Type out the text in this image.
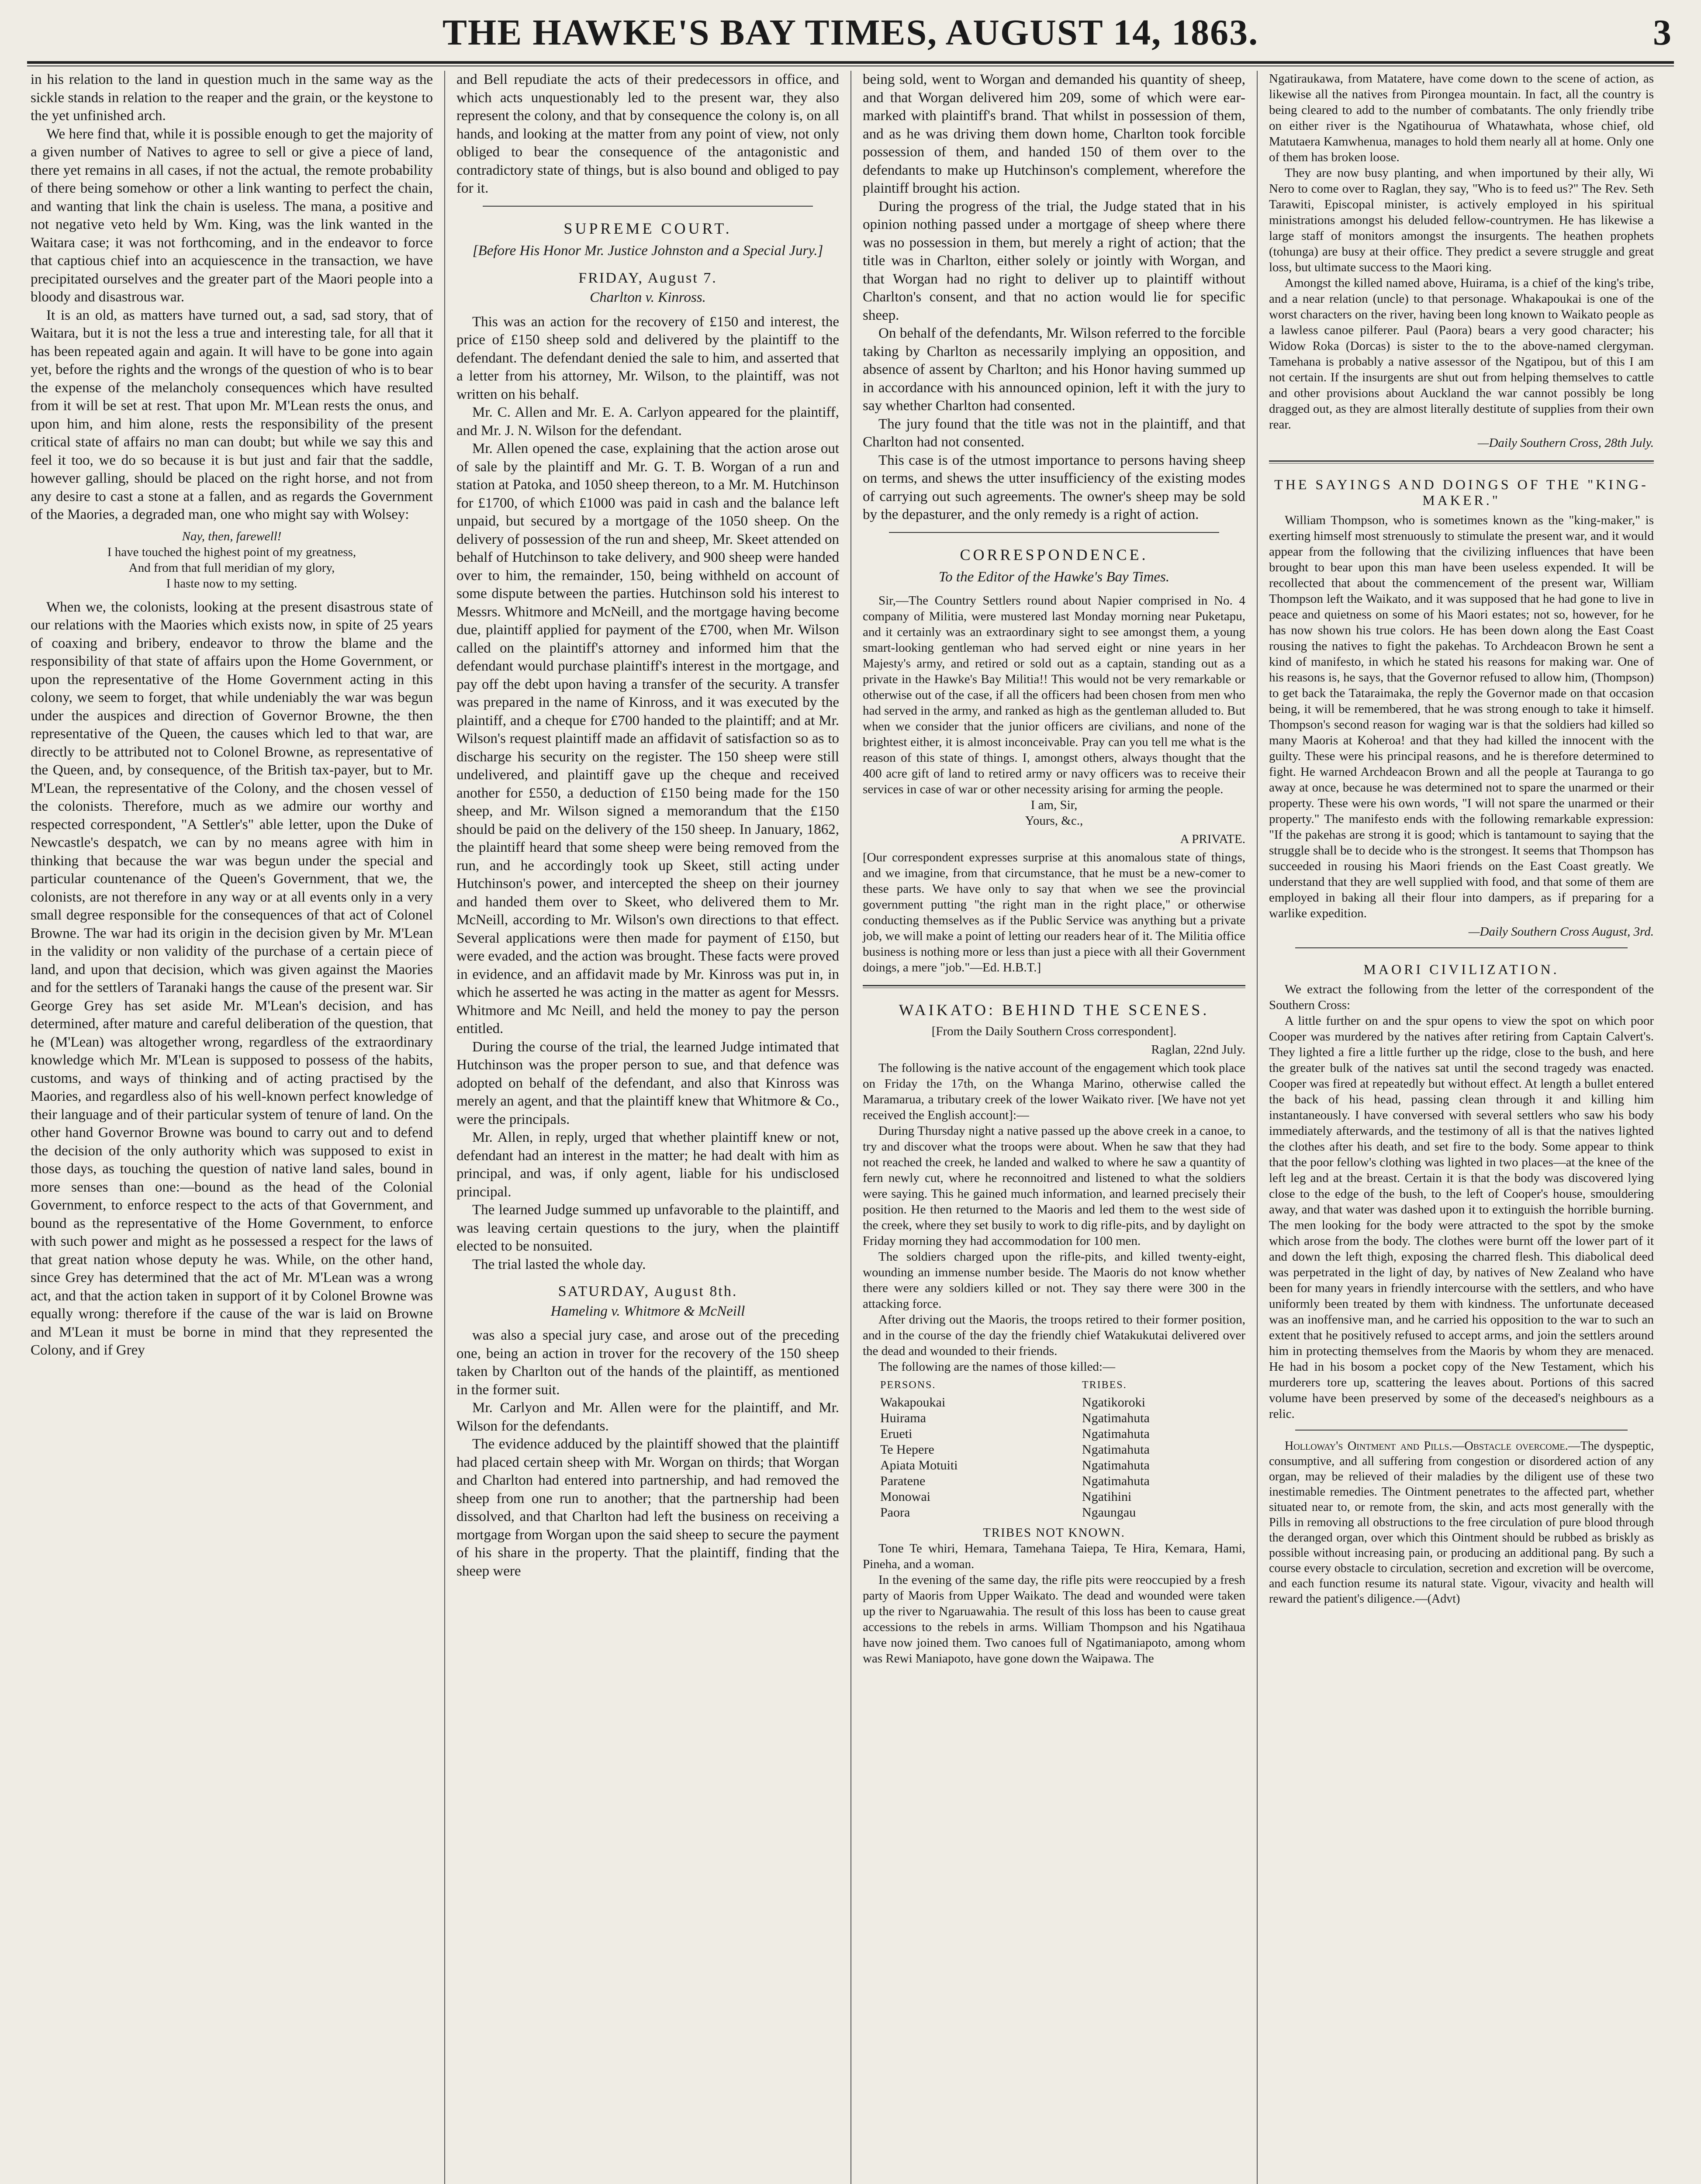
THE HAWKE'S BAY TIMES, AUGUST 14, 1863.	3

in his relation to the land in question much in the same way as the sickle stands in relation to the reaper and the grain, or the keystone to the yet unfinished arch.

We here find that, while it is possible enough to get the majority of a given number of Natives to agree to sell or give a piece of land, there yet remains in all cases, if not the actual, the remote probability of there being somehow or other a link wanting to perfect the chain, and wanting that link the chain is useless. The mana, a positive and not negative veto held by Wm. King, was the link wanted in the Waitara case; it was not forthcoming, and in the endeavor to force that captious chief into an acquiescence in the transaction, we have precipitated ourselves and the greater part of the Maori people into a bloody and disastrous war.

It is an old, as matters have turned out, a sad, sad story, that of Waitara, but it is not the less a true and interesting tale, for all that it has been repeated again and again. It will have to be gone into again yet, before the rights and the wrongs of the question of who is to bear the expense of the melancholy consequences which have resulted from it will be set at rest. That upon Mr. M'Lean rests the onus, and upon him, and him alone, rests the responsibility of the present critical state of affairs no man can doubt; but while we say this and feel it too, we do so because it is but just and fair that the saddle, however galling, should be placed on the right horse, and not from any desire to cast a stone at a fallen, and as regards the Government of the Maories, a degraded man, one who might say with Wolsey:

Nay, then, farewell!
I have touched the highest point of my greatness,
And from that full meridian of my glory,
I haste now to my setting.

When we, the colonists, looking at the present disastrous state of our relations with the Maories which exists now, in spite of 25 years of coaxing and bribery, endeavor to throw the blame and the responsibility of that state of affairs upon the Home Government, or upon the representative of the Home Government acting in this colony, we seem to forget, that while undeniably the war was begun under the auspices and direction of Governor Browne, the then representative of the Queen, the causes which led to that war, are directly to be attributed not to Colonel Browne, as representative of the Queen, and, by consequence, of the British tax-payer, but to Mr. M'Lean, the representative of the Colony, and the chosen vessel of the colonists. Therefore, much as we admire our worthy and respected correspondent, "A Settler's" able letter, upon the Duke of Newcastle's despatch, we can by no means agree with him in thinking that because the war was begun under the special and particular countenance of the Queen's Government, that we, the colonists, are not therefore in any way or at all events only in a very small degree responsible for the consequences of that act of Colonel Browne. The war had its origin in the decision given by Mr. M'Lean in the validity or non validity of the purchase of a certain piece of land, and upon that decision, which was given against the Maories and for the settlers of Taranaki hangs the cause of the present war. Sir George Grey has set aside Mr. M'Lean's decision, and has determined, after mature and careful deliberation of the question, that he (M'Lean) was altogether wrong, regardless of the extraordinary knowledge which Mr. M'Lean is supposed to possess of the habits, customs, and ways of thinking and of acting practised by the Maories, and regardless also of his well-known perfect knowledge of their language and of their particular system of tenure of land. On the other hand Governor Browne was bound to carry out and to defend the decision of the only authority which was supposed to exist in those days, as touching the question of native land sales, bound in more senses than one:—bound as the head of the Colonial Government, to enforce respect to the acts of that Government, and bound as the representative of the Home Government, to enforce with such power and might as he possessed a respect for the laws of that great nation whose deputy he was. While, on the other hand, since Grey has determined that the act of Mr. M'Lean was a wrong act, and that the action taken in support of it by Colonel Browne was equally wrong: therefore if the cause of the war is laid on Browne and M'Lean it must be borne in mind that they represented the Colony, and if Grey

and Bell repudiate the acts of their predecessors in office, and which acts unquestionably led to the present war, they also represent the colony, and that by consequence the colony is, on all hands, and looking at the matter from any point of view, not only obliged to bear the consequence of the antagonistic and contradictory state of things, but is also bound and obliged to pay for it.

SUPREME COURT.
[Before His Honor Mr. Justice Johnston and a Special Jury.]
FRIDAY, August 7.
Charlton v. Kinross.

This was an action for the recovery of £150 and interest, the price of £150 sheep sold and delivered by the plaintiff to the defendant. The defendant denied the sale to him, and asserted that a letter from his attorney, Mr. Wilson, to the plaintiff, was not written on his behalf.

Mr. C. Allen and Mr. E. A. Carlyon appeared for the plaintiff, and Mr. J. N. Wilson for the defendant.

Mr. Allen opened the case, explaining that the action arose out of sale by the plaintiff and Mr. G. T. B. Worgan of a run and station at Patoka, and 1050 sheep thereon, to a Mr. M. Hutchinson for £1700, of which £1000 was paid in cash and the balance left unpaid, but secured by a mortgage of the 1050 sheep. On the delivery of possession of the run and sheep, Mr. Skeet attended on behalf of Hutchinson to take delivery, and 900 sheep were handed over to him, the remainder, 150, being withheld on account of some dispute between the parties. Hutchinson sold his interest to Messrs. Whitmore and McNeill, and the mortgage having become due, plaintiff applied for payment of the £700, when Mr. Wilson called on the plaintiff's attorney and informed him that the defendant would purchase plaintiff's interest in the mortgage, and pay off the debt upon having a transfer of the security. A transfer was prepared in the name of Kinross, and it was executed by the plaintiff, and a cheque for £700 handed to the plaintiff; and at Mr. Wilson's request plaintiff made an affidavit of satisfaction so as to discharge his security on the register. The 150 sheep were still undelivered, and plaintiff gave up the cheque and received another for £550, a deduction of £150 being made for the 150 sheep, and Mr. Wilson signed a memorandum that the £150 should be paid on the delivery of the 150 sheep. In January, 1862, the plaintiff heard that some sheep were being removed from the run, and he accordingly took up Skeet, still acting under Hutchinson's power, and intercepted the sheep on their journey and handed them over to Skeet, who delivered them to Mr. McNeill, according to Mr. Wilson's own directions to that effect. Several applications were then made for payment of £150, but were evaded, and the action was brought. These facts were proved in evidence, and an affidavit made by Mr. Kinross was put in, in which he asserted he was acting in the matter as agent for Messrs. Whitmore and Mc Neill, and held the money to pay the person entitled.

During the course of the trial, the learned Judge intimated that Hutchinson was the proper person to sue, and that defence was adopted on behalf of the defendant, and also that Kinross was merely an agent, and that the plaintiff knew that Whitmore & Co., were the principals.

Mr. Allen, in reply, urged that whether plaintiff knew or not, defendant had an interest in the matter; he had dealt with him as principal, and was, if only agent, liable for his undisclosed principal.

The learned Judge summed up unfavorable to the plaintiff, and was leaving certain questions to the jury, when the plaintiff elected to be nonsuited.

The trial lasted the whole day.

SATURDAY, August 8th.
Hameling v. Whitmore & McNeill

was also a special jury case, and arose out of the preceding one, being an action in trover for the recovery of the 150 sheep taken by Charlton out of the hands of the plaintiff, as mentioned in the former suit.

Mr. Carlyon and Mr. Allen were for the plaintiff, and Mr. Wilson for the defendants.

The evidence adduced by the plaintiff showed that the plaintiff had placed certain sheep with Mr. Worgan on thirds; that Worgan and Charlton had entered into partnership, and had removed the sheep from one run to another; that the partnership had been dissolved, and that Charlton had left the business on receiving a mortgage from Worgan upon the said sheep to secure the payment of his share in the property. That the plaintiff, finding that the sheep were

being sold, went to Worgan and demanded his quantity of sheep, and that Worgan delivered him 209, some of which were ear-marked with plaintiff's brand. That whilst in possession of them, and as he was driving them down home, Charlton took forcible possession of them, and handed 150 of them over to the defendants to make up Hutchinson's complement, wherefore the plaintiff brought his action.

During the progress of the trial, the Judge stated that in his opinion nothing passed under a mortgage of sheep where there was no possession in them, but merely a right of action; that the title was in Charlton, either solely or jointly with Worgan, and that Worgan had no right to deliver up to plaintiff without Charlton's consent, and that no action would lie for specific sheep.

On behalf of the defendants, Mr. Wilson referred to the forcible taking by Charlton as necessarily implying an opposition, and absence of assent by Charlton; and his Honor having summed up in accordance with his announced opinion, left it with the jury to say whether Charlton had consented.

The jury found that the title was not in the plaintiff, and that Charlton had not consented.

This case is of the utmost importance to persons having sheep on terms, and shews the utter insufficiency of the existing modes of carrying out such agreements. The owner's sheep may be sold by the depasturer, and the only remedy is a right of action.

CORRESPONDENCE.
To the Editor of the Hawke's Bay Times.

Sir,—The Country Settlers round about Napier comprised in No. 4 company of Militia, were mustered last Monday morning near Puketapu, and it certainly was an extraordinary sight to see amongst them, a young smart-looking gentleman who had served eight or nine years in her Majesty's army, and retired or sold out as a captain, standing out as a private in the Hawke's Bay Militia!! This would not be very remarkable or otherwise out of the case, if all the officers had been chosen from men who had served in the army, and ranked as high as the gentleman alluded to. But when we consider that the junior officers are civilians, and none of the brightest either, it is almost inconceivable. Pray can you tell me what is the reason of this state of things. I, amongst others, always thought that the 400 acre gift of land to retired army or navy officers was to receive their services in case of war or other necessity arising for arming the people.

I am, Sir,
Yours, &c.,
A PRIVATE.

[Our correspondent expresses surprise at this anomalous state of things, and we imagine, from that circumstance, that he must be a new-comer to these parts. We have only to say that when we see the provincial government putting "the right man in the right place," or otherwise conducting themselves as if the Public Service was anything but a private job, we will make a point of letting our readers hear of it. The Militia office business is nothing more or less than just a piece with all their Government doings, a mere "job."—Ed. H.B.T.]

WAIKATO: BEHIND THE SCENES.
[From the Daily Southern Cross correspondent].
Raglan, 22nd July.

The following is the native account of the engagement which took place on Friday the 17th, on the Whanga Marino, otherwise called the Maramarua, a tributary creek of the lower Waikato river. [We have not yet received the English account]:—

During Thursday night a native passed up the above creek in a canoe, to try and discover what the troops were about. When he saw that they had not reached the creek, he landed and walked to where he saw a quantity of fern newly cut, where he reconnoitred and listened to what the soldiers were saying. This he gained much information, and learned precisely their position. He then returned to the Maoris and led them to the west side of the creek, where they set busily to work to dig rifle-pits, and by daylight on Friday morning they had accommodation for 100 men.

The soldiers charged upon the rifle-pits, and killed twenty-eight, wounding an immense number beside. The Maoris do not know whether there were any soldiers killed or not. They say there were 300 in the attacking force.

After driving out the Maoris, the troops retired to their former position, and in the course of the day the friendly chief Watakukutai delivered over the dead and wounded to their friends.

The following are the names of those killed:—

PERSONS.	TRIBES.
Wakapoukai	Ngatikoroki
Huirama	Ngatimahuta
Erueti	Ngatimahuta
Te Hepere	Ngatimahuta
Apiata Motuiti	Ngatimahuta
Paratene	Ngatimahuta
Monowai	Ngatihini
Paora	Ngaungau
TRIBES NOT KNOWN.

Tone Te whiri, Hemara, Tamehana Taiepa, Te Hira, Kemara, Hami, Pineha, and a woman.

In the evening of the same day, the rifle pits were reoccupied by a fresh party of Maoris from Upper Waikato. The dead and wounded were taken up the river to Ngaruawahia. The result of this loss has been to cause great accessions to the rebels in arms. William Thompson and his Ngatihaua have now joined them. Two canoes full of Ngatimaniapoto, among whom was Rewi Maniapoto, have gone down the Waipawa. The

Ngatiraukawa, from Matatere, have come down to the scene of action, as likewise all the natives from Pirongea mountain. In fact, all the country is being cleared to add to the number of combatants. The only friendly tribe on either river is the Ngatihourua of Whatawhata, whose chief, old Matutaera Kamwhenua, manages to hold them nearly all at home. Only one of them has broken loose.

They are now busy planting, and when importuned by their ally, Wi Nero to come over to Raglan, they say, "Who is to feed us?" The Rev. Seth Tarawiti, Episcopal minister, is actively employed in his spiritual ministrations amongst his deluded fellow-countrymen. He has likewise a large staff of monitors amongst the insurgents. The heathen prophets (tohunga) are busy at their office. They predict a severe struggle and great loss, but ultimate success to the Maori king.

Amongst the killed named above, Huirama, is a chief of the king's tribe, and a near relation (uncle) to that personage. Whakapoukai is one of the worst characters on the river, having been long known to Waikato people as a lawless canoe pilferer. Paul (Paora) bears a very good character; his Widow Roka (Dorcas) is sister to the to the above-named clergyman. Tamehana is probably a native assessor of the Ngatipou, but of this I am not certain. If the insurgents are shut out from helping themselves to cattle and other provisions about Auckland the war cannot possibly be long dragged out, as they are almost literally destitute of supplies from their own rear.

—Daily Southern Cross, 28th July.
THE SAYINGS AND DOINGS OF THE "KING-MAKER."

William Thompson, who is sometimes known as the "king-maker," is exerting himself most strenuously to stimulate the present war, and it would appear from the following that the civilizing influences that have been brought to bear upon this man have been useless expended. It will be recollected that about the commencement of the present war, William Thompson left the Waikato, and it was supposed that he had gone to live in peace and quietness on some of his Maori estates; not so, however, for he has now shown his true colors. He has been down along the East Coast rousing the natives to fight the pakehas. To Archdeacon Brown he sent a kind of manifesto, in which he stated his reasons for making war. One of his reasons is, he says, that the Governor refused to allow him, (Thompson) to get back the Tataraimaka, the reply the Governor made on that occasion being, it will be remembered, that he was strong enough to take it himself. Thompson's second reason for waging war is that the soldiers had killed so many Maoris at Koheroa! and that they had killed the innocent with the guilty. These were his principal reasons, and he is therefore determined to fight. He warned Archdeacon Brown and all the people at Tauranga to go away at once, because he was determined not to spare the unarmed or their property. These were his own words, "I will not spare the unarmed or their property." The manifesto ends with the following remarkable expression: "If the pakehas are strong it is good; which is tantamount to saying that the struggle shall be to decide who is the strongest. It seems that Thompson has succeeded in rousing his Maori friends on the East Coast greatly. We understand that they are well supplied with food, and that some of them are employed in baking all their flour into dampers, as if preparing for a warlike expedition.

—Daily Southern Cross August, 3rd.
MAORI CIVILIZATION.

We extract the following from the letter of the correspondent of the Southern Cross:

A little further on and the spur opens to view the spot on which poor Cooper was murdered by the natives after retiring from Captain Calvert's. They lighted a fire a little further up the ridge, close to the bush, and here the greater bulk of the natives sat until the second tragedy was enacted. Cooper was fired at repeatedly but without effect. At length a bullet entered the back of his head, passing clean through it and killing him instantaneously. I have conversed with several settlers who saw his body immediately afterwards, and the testimony of all is that the natives lighted the clothes after his death, and set fire to the body. Some appear to think that the poor fellow's clothing was lighted in two places—at the knee of the left leg and at the breast. Certain it is that the body was discovered lying close to the edge of the bush, to the left of Cooper's house, smouldering away, and that water was dashed upon it to extinguish the horrible burning. The men looking for the body were attracted to the spot by the smoke which arose from the body. The clothes were burnt off the lower part of it and down the left thigh, exposing the charred flesh. This diabolical deed was perpetrated in the light of day, by natives of New Zealand who have been for many years in friendly intercourse with the settlers, and who have uniformly been treated by them with kindness. The unfortunate deceased was an inoffensive man, and he carried his opposition to the war to such an extent that he positively refused to accept arms, and join the settlers around him in protecting themselves from the Maoris by whom they are menaced. He had in his bosom a pocket copy of the New Testament, which his murderers tore up, scattering the leaves about. Portions of this sacred volume have been preserved by some of the deceased's neighbours as a relic.

Holloway's Ointment and Pills.—Obstacle overcome.—The dyspeptic, consumptive, and all suffering from congestion or disordered action of any organ, may be relieved of their maladies by the diligent use of these two inestimable remedies. The Ointment penetrates to the affected part, whether situated near to, or remote from, the skin, and acts most generally with the Pills in removing all obstructions to the free circulation of pure blood through the deranged organ, over which this Ointment should be rubbed as briskly as possible without increasing pain, or producing an additional pang. By such a course every obstacle to circulation, secretion and excretion will be overcome, and each function resume its natural state. Vigour, vivacity and health will reward the patient's diligence.—(Advt)
